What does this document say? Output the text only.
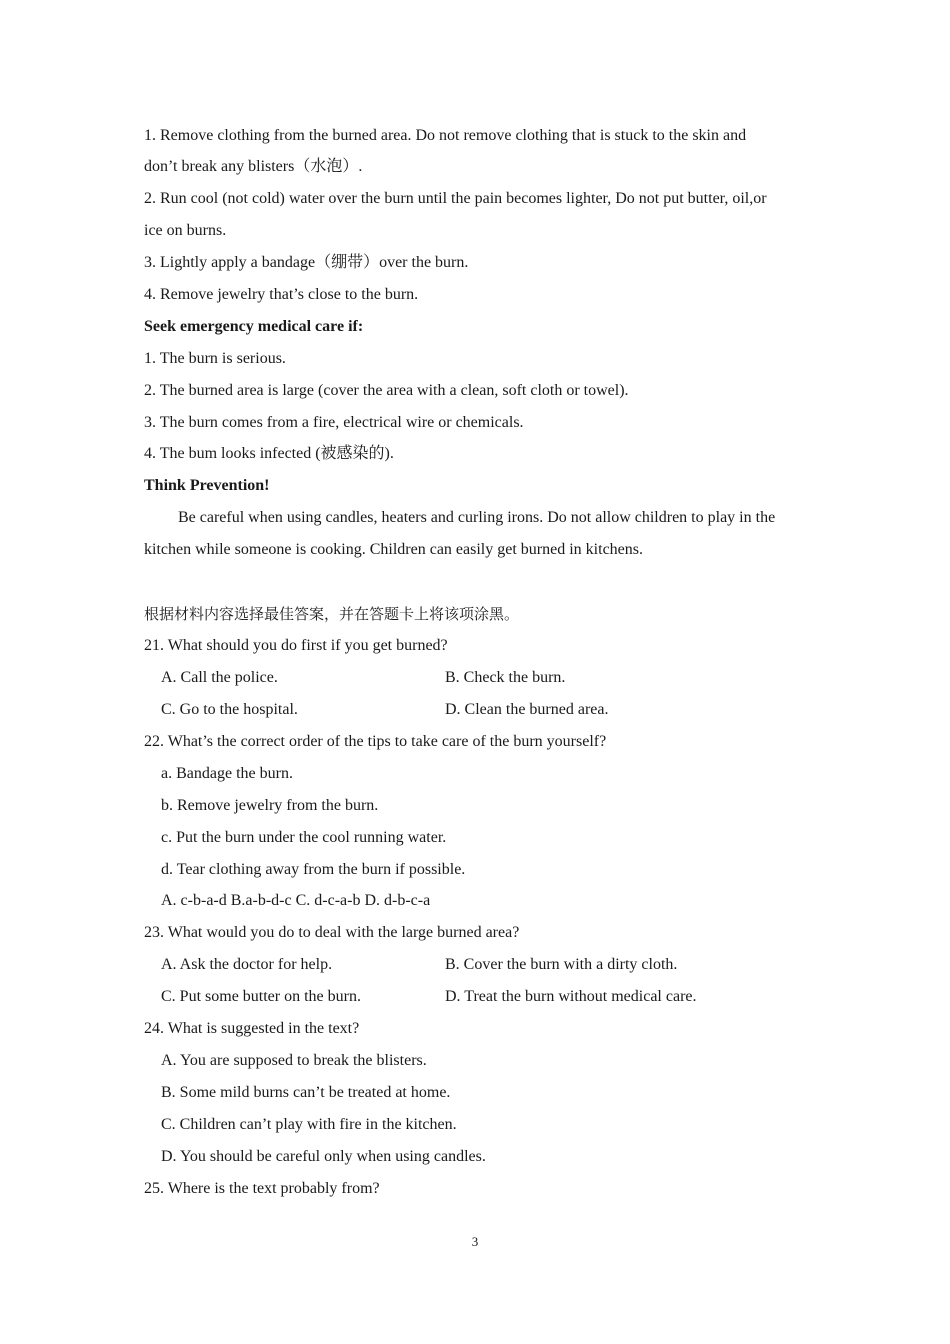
1. Remove clothing from the burned area. Do not remove clothing that is stuck to the skin and
don’t break any blisters（水泡）.
2. Run cool (not cold) water over the burn until the pain becomes lighter, Do not put butter, oil,or
ice on burns.
3. Lightly apply a bandage（绷带）over the burn.
4. Remove jewelry that’s close to the burn.
Seek emergency medical care if:
1. The burn is serious.
2. The burned area is large (cover the area with a clean, soft cloth or towel).
3. The burn comes from a fire, electrical wire or chemicals.
4. The bum looks infected (被感染的).
Think Prevention!
Be careful when using candles, heaters and curling irons. Do not allow children to play in the
kitchen while someone is cooking. Children can easily get burned in kitchens.
根据材料内容选择最佳答案，并在答题卡上将该项涂黑。
21. What should you do first if you get burned?
A. Call the police.	B. Check the burn.
C. Go to the hospital.	D. Clean the burned area.
22. What’s the correct order of the tips to take care of the burn yourself?
a. Bandage the burn.
b. Remove jewelry from the burn.
c. Put the burn under the cool running water.
d. Tear clothing away from the burn if possible.
A. c-b-a-d B.a-b-d-c C. d-c-a-b D. d-b-c-a
23. What would you do to deal with the large burned area?
A. Ask the doctor for help.	B. Cover the burn with a dirty cloth.
C. Put some butter on the burn.	D. Treat the burn without medical care.
24. What is suggested in the text?
A. You are supposed to break the blisters.
B. Some mild burns can’t be treated at home.
C. Children can’t play with fire in the kitchen.
D. You should be careful only when using candles.
25. Where is the text probably from?
3
